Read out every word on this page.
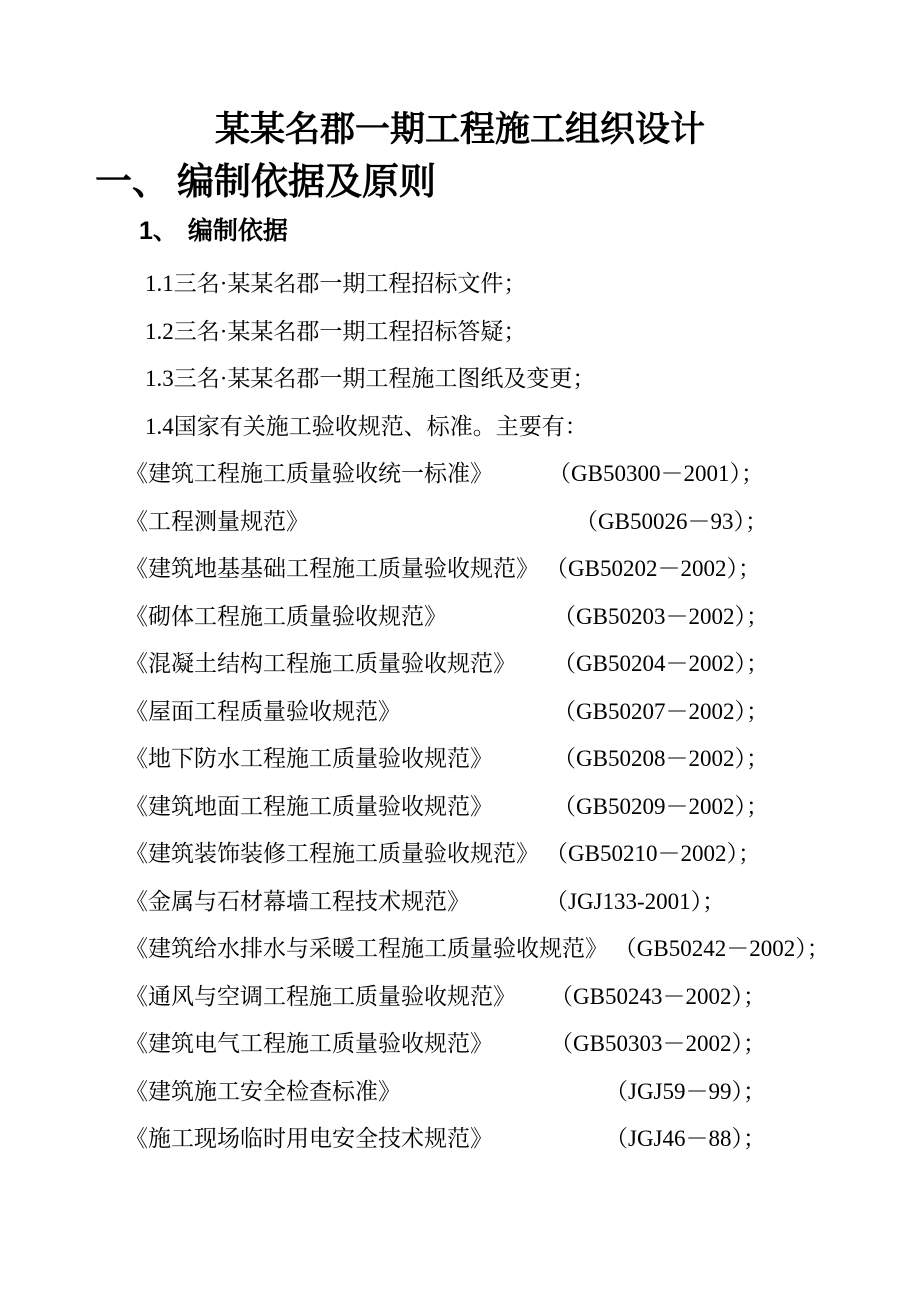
某某名郡一期工程施工组织设计
一、 编制依据及原则
1、 编制依据
1.1三名·某某名郡一期工程招标文件；
1.2三名·某某名郡一期工程招标答疑；
1.3三名·某某名郡一期工程施工图纸及变更；
1.4国家有关施工验收规范、标准。主要有：
《建筑工程施工质量验收统一标准》 （GB50300－2001）；
《工程测量规范》	（GB50026－93）；
《建筑地基基础工程施工质量验收规范》 （GB50202－2002）；
《砌体工程施工质量验收规范》	（GB50203－2002）；
《混凝土结构工程施工质量验收规范》 （GB50204－2002）；
《屋面工程质量验收规范》	（GB50207－2002）；
《地下防水工程施工质量验收规范》	（GB50208－2002）；
《建筑地面工程施工质量验收规范》	（GB50209－2002）；
《建筑装饰装修工程施工质量验收规范》 （GB50210－2002）；
《金属与石材幕墙工程技术规范》	（JGJ133-2001）；
《建筑给水排水与采暖工程施工质量验收规范》 （GB50242－2002）；
《通风与空调工程施工质量验收规范》 （GB50243－2002）；
《建筑电气工程施工质量验收规范》 （GB50303－2002）；
《建筑施工安全检查标准》	（JGJ59－99）；
《施工现场临时用电安全技术规范》	（JGJ46－88）；
